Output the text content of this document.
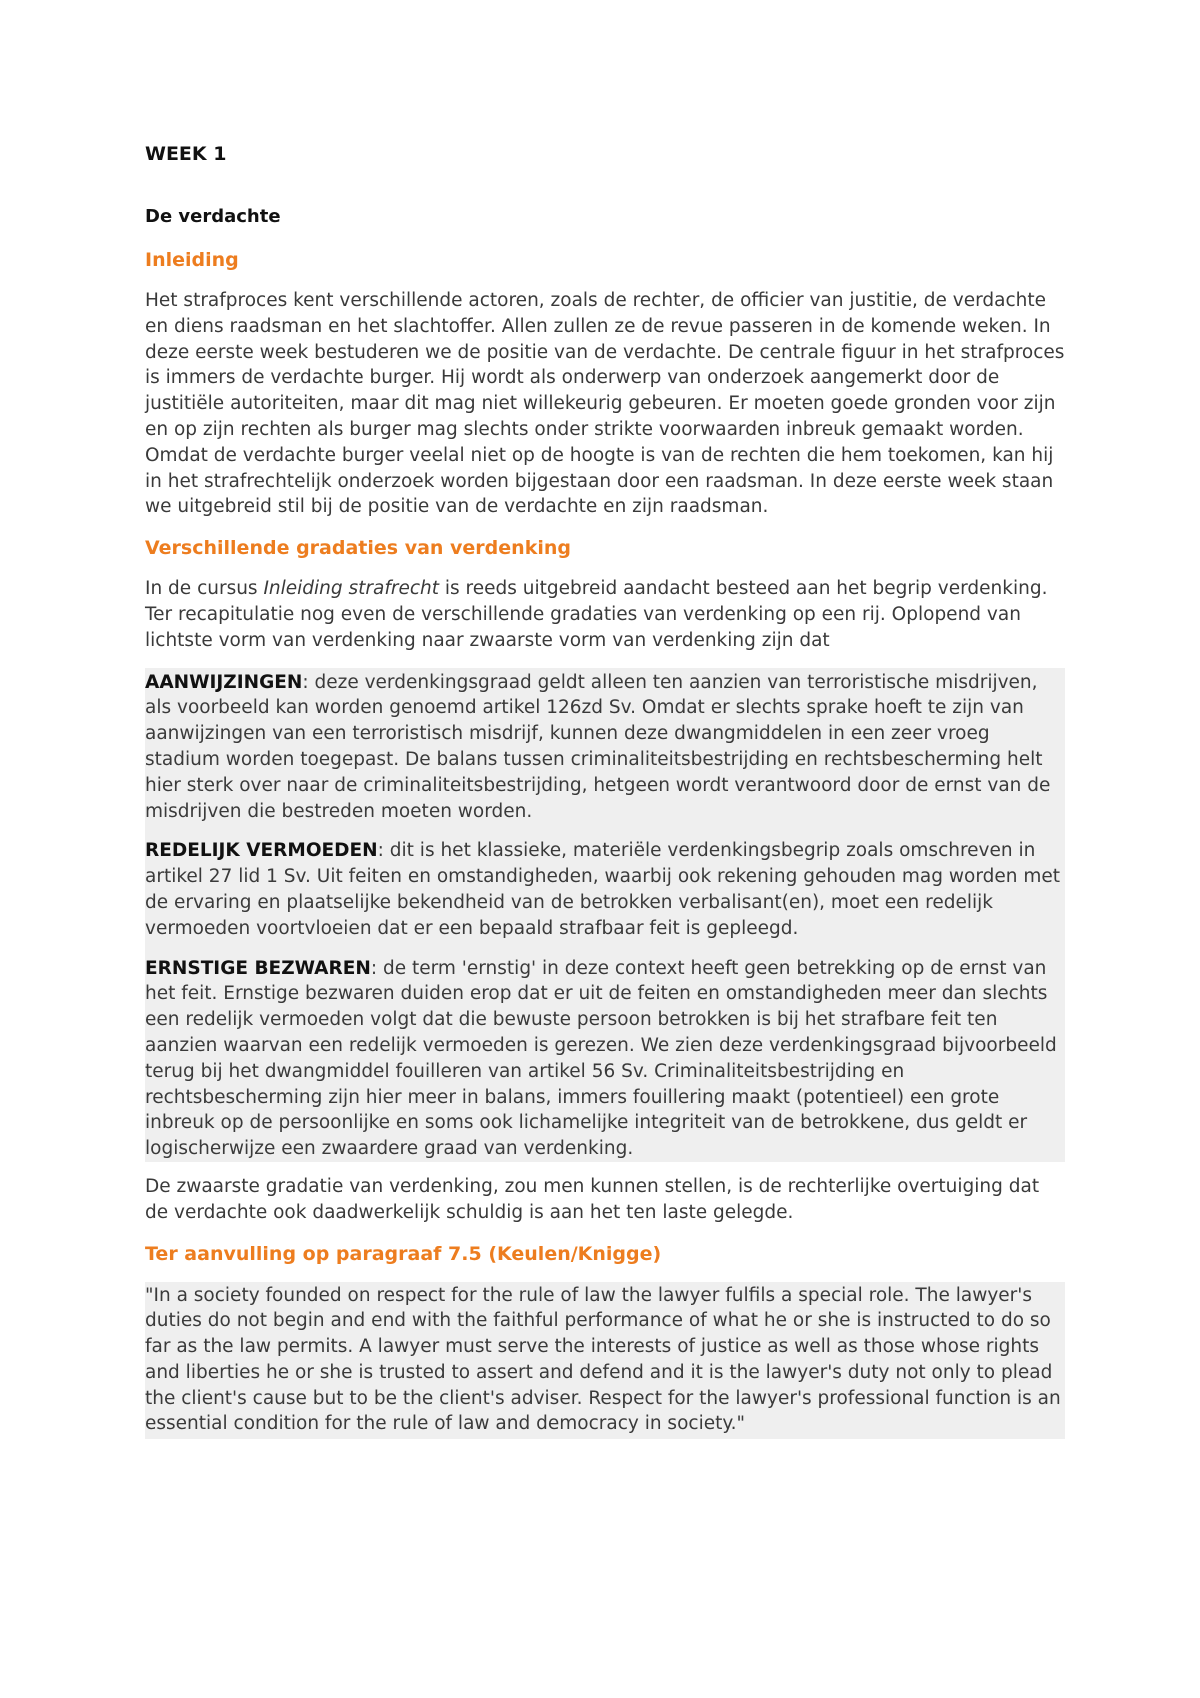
WEEK 1
De verdachte
Inleiding

Het strafproces kent verschillende actoren, zoals de rechter, de officier van justitie, de verdachte en diens raadsman en het slachtoffer. Allen zullen ze de revue passeren in de komende weken. In deze eerste week bestuderen we de positie van de verdachte. De centrale figuur in het strafproces is immers de verdachte burger. Hij wordt als onderwerp van onderzoek aangemerkt door de justitiële autoriteiten, maar dit mag niet willekeurig gebeuren. Er moeten goede gronden voor zijn en op zijn rechten als burger mag slechts onder strikte voorwaarden inbreuk gemaakt worden. Omdat de verdachte burger veelal niet op de hoogte is van de rechten die hem toekomen, kan hij in het strafrechtelijk onderzoek worden bijgestaan door een raadsman. In deze eerste week staan we uitgebreid stil bij de positie van de verdachte en zijn raadsman.

Verschillende gradaties van verdenking

In de cursus Inleiding strafrecht is reeds uitgebreid aandacht besteed aan het begrip verdenking. Ter recapitulatie nog even de verschillende gradaties van verdenking op een rij. Oplopend van lichtste vorm van verdenking naar zwaarste vorm van verdenking zijn dat

AANWIJZINGEN: deze verdenkingsgraad geldt alleen ten aanzien van terroristische misdrijven, als voorbeeld kan worden genoemd artikel 126zd Sv. Omdat er slechts sprake hoeft te zijn van aanwijzingen van een terroristisch misdrijf, kunnen deze dwangmiddelen in een zeer vroeg stadium worden toegepast. De balans tussen criminaliteitsbestrijding en rechtsbescherming helt hier sterk over naar de criminaliteitsbestrijding, hetgeen wordt verantwoord door de ernst van de misdrijven die bestreden moeten worden.

REDELIJK VERMOEDEN: dit is het klassieke, materiële verdenkingsbegrip zoals omschreven in artikel 27 lid 1 Sv. Uit feiten en omstandigheden, waarbij ook rekening gehouden mag worden met de ervaring en plaatselijke bekendheid van de betrokken verbalisant(en), moet een redelijk vermoeden voortvloeien dat er een bepaald strafbaar feit is gepleegd.

ERNSTIGE BEZWAREN: de term 'ernstig' in deze context heeft geen betrekking op de ernst van het feit. Ernstige bezwaren duiden erop dat er uit de feiten en omstandigheden meer dan slechts een redelijk vermoeden volgt dat die bewuste persoon betrokken is bij het strafbare feit ten aanzien waarvan een redelijk vermoeden is gerezen. We zien deze verdenkingsgraad bijvoorbeeld terug bij het dwangmiddel fouilleren van artikel 56 Sv. Criminaliteitsbestrijding en rechtsbescherming zijn hier meer in balans, immers fouillering maakt (potentieel) een grote inbreuk op de persoonlijke en soms ook lichamelijke integriteit van de betrokkene, dus geldt er logischerwijze een zwaardere graad van verdenking.

De zwaarste gradatie van verdenking, zou men kunnen stellen, is de rechterlijke overtuiging dat de verdachte ook daadwerkelijk schuldig is aan het ten laste gelegde.

Ter aanvulling op paragraaf 7.5 (Keulen/Knigge)
"In a society founded on respect for the rule of law the lawyer fulfils a special role. The lawyer's duties do not begin and end with the faithful performance of what he or she is instructed to do so far as the law permits. A lawyer must serve the interests of justice as well as those whose rights and liberties he or she is trusted to assert and defend and it is the lawyer's duty not only to plead the client's cause but to be the client's adviser. Respect for the lawyer's professional function is an essential condition for the rule of law and democracy in society."
